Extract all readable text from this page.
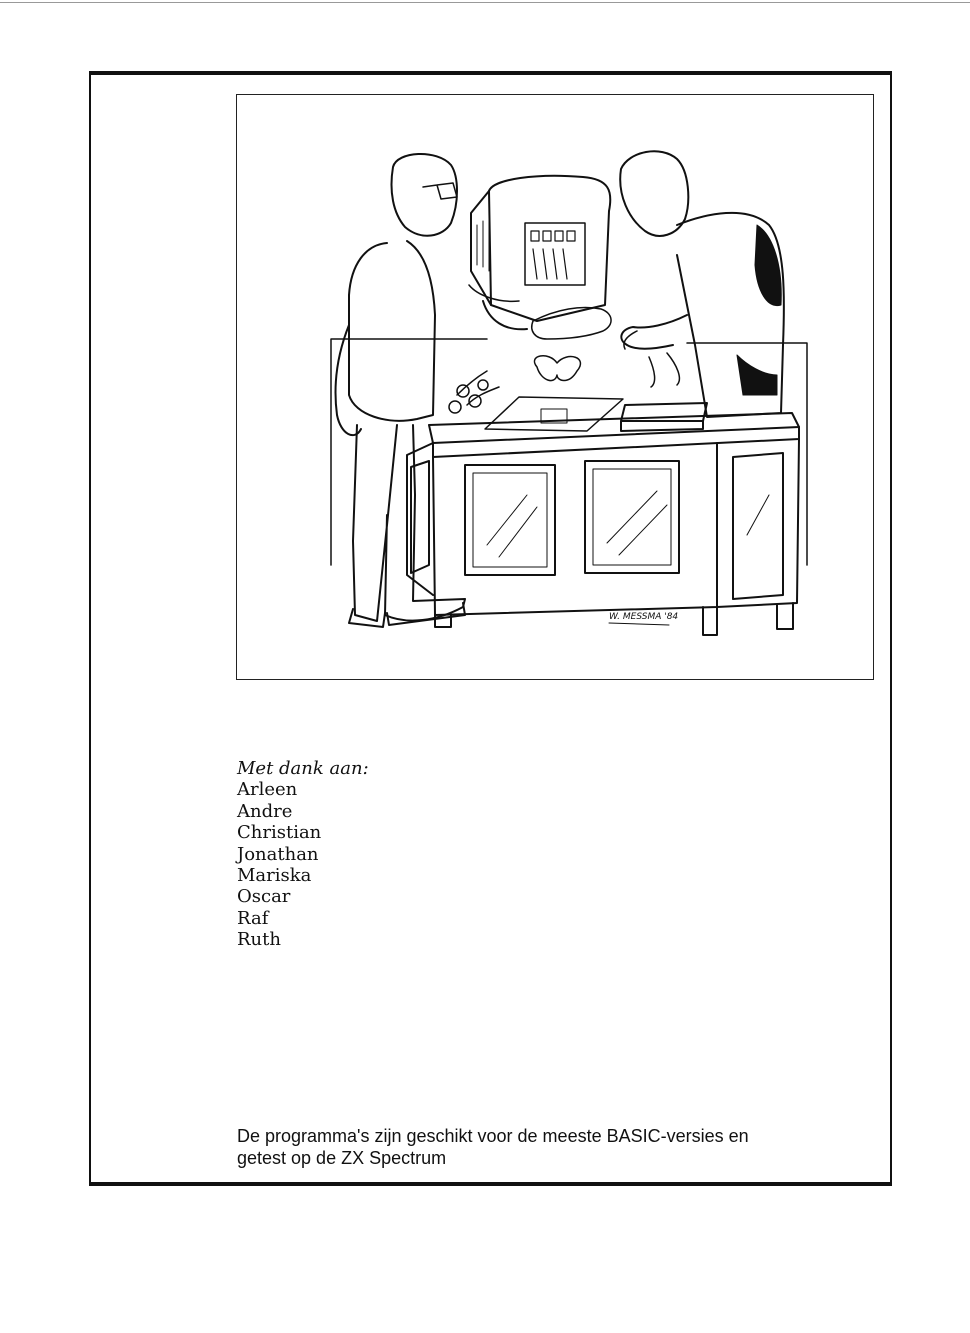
W. MESSMA '84
Met dank aan:
Arleen
Andre
Christian
Jonathan
Mariska
Oscar
Raf
Ruth
De programma's zijn geschikt voor de meeste BASIC-versies en
getest op de ZX Spectrum
